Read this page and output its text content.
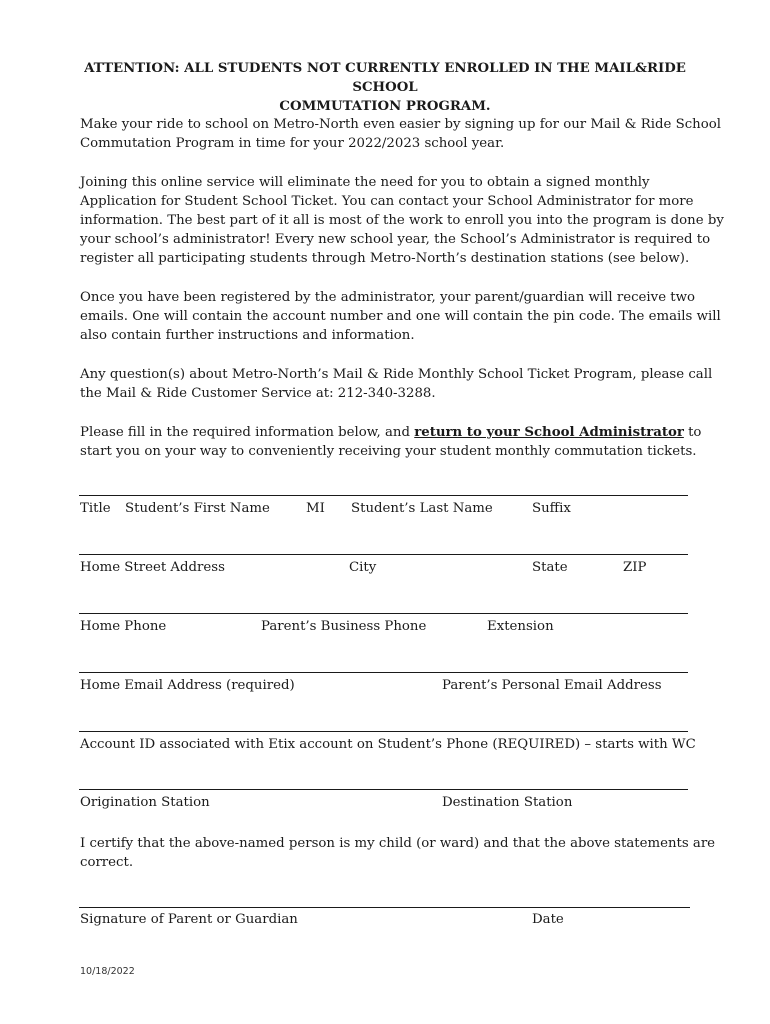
ATTENTION: ALL STUDENTS NOT CURRENTLY ENROLLED IN THE MAIL&RIDE SCHOOL
COMMUTATION PROGRAM.

Make your ride to school on Metro-North even easier by signing up for our Mail & Ride School
Commutation Program in time for your 2022/2023 school year.

Joining this online service will eliminate the need for you to obtain a signed monthly
Application for Student School Ticket. You can contact your School Administrator for more
information. The best part of it all is most of the work to enroll you into the program is done by
your school’s administrator! Every new school year, the School’s Administrator is required to
register all participating students through Metro-North’s destination stations (see below).

Once you have been registered by the administrator, your parent/guardian will receive two
emails. One will contain the account number and one will contain the pin code. The emails will
also contain further instructions and information.

Any question(s) about Metro-North’s Mail & Ride Monthly School Ticket Program, please call
the Mail & Ride Customer Service at: 212-340-3288.

Please fill in the required information below, and return to your School Administrator to
start you on your way to conveniently receiving your student monthly commutation tickets.

Title Student’s First Name	MI Student’s Last Name	Suffix
Home Street Address	City	State	ZIP
Home Phone	Parent’s Business Phone	Extension
Home Email Address (required)	Parent’s Personal Email Address
Account ID associated with Etix account on Student’s Phone (REQUIRED) – starts with WC
Origination Station	Destination Station

I certify that the above-named person is my child (or ward) and that the above statements are
correct.

Signature of Parent or Guardian	Date
10/18/2022
